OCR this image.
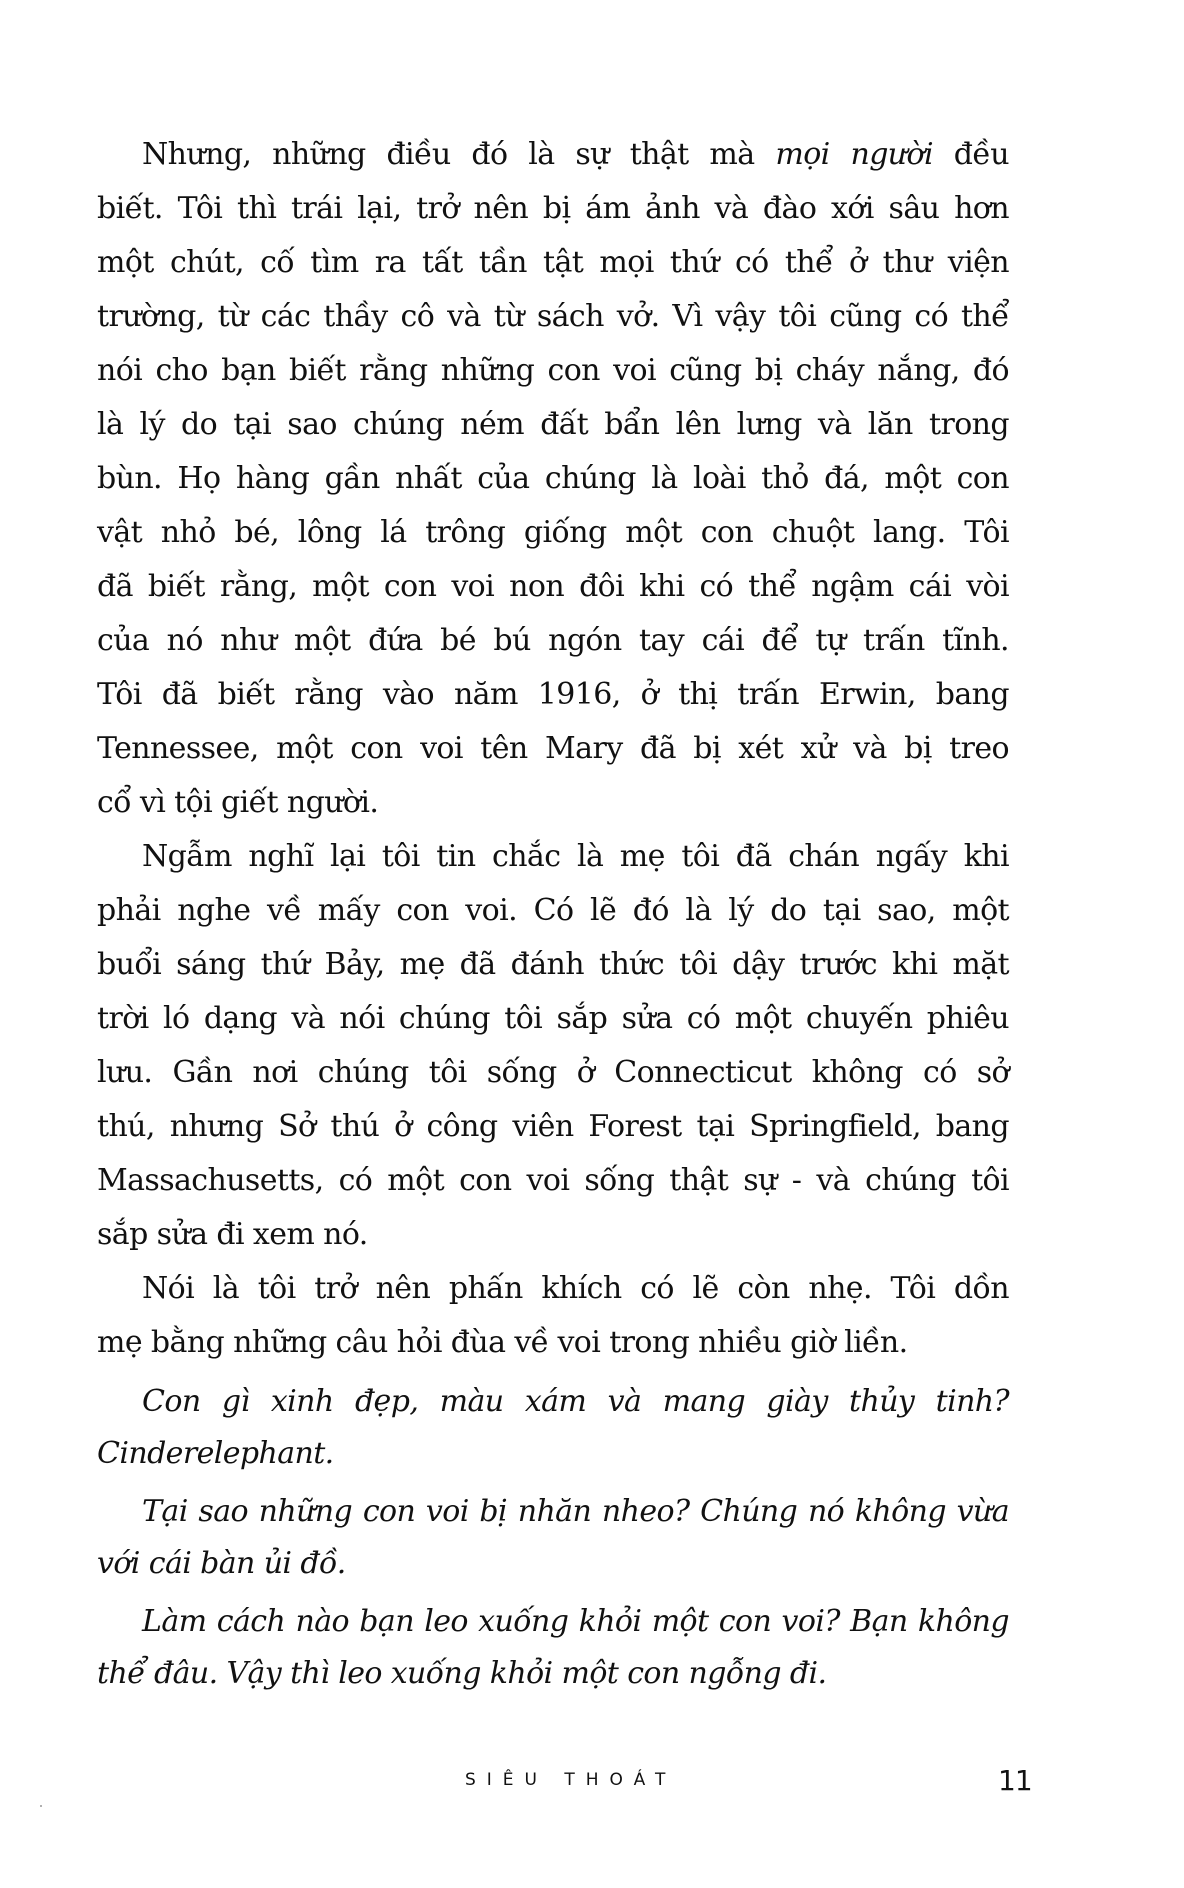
Nhưng, những điều đó là sự thật mà mọi người đều
biết. Tôi thì trái lại, trở nên bị ám ảnh và đào xới sâu hơn
một chút, cố tìm ra tất tần tật mọi thứ có thể ở thư viện
trường, từ các thầy cô và từ sách vở. Vì vậy tôi cũng có thể
nói cho bạn biết rằng những con voi cũng bị cháy nắng, đó
là lý do tại sao chúng ném đất bẩn lên lưng và lăn trong
bùn. Họ hàng gần nhất của chúng là loài thỏ đá, một con
vật nhỏ bé, lông lá trông giống một con chuột lang. Tôi
đã biết rằng, một con voi non đôi khi có thể ngậm cái vòi
của nó như một đứa bé bú ngón tay cái để tự trấn tĩnh.
Tôi đã biết rằng vào năm 1916, ở thị trấn Erwin, bang
Tennessee, một con voi tên Mary đã bị xét xử và bị treo
cổ vì tội giết người.
Ngẫm nghĩ lại tôi tin chắc là mẹ tôi đã chán ngấy khi
phải nghe về mấy con voi. Có lẽ đó là lý do tại sao, một
buổi sáng thứ Bảy, mẹ đã đánh thức tôi dậy trước khi mặt
trời ló dạng và nói chúng tôi sắp sửa có một chuyến phiêu
lưu. Gần nơi chúng tôi sống ở Connecticut không có sở
thú, nhưng Sở thú ở công viên Forest tại Springfield, bang
Massachusetts, có một con voi sống thật sự - và chúng tôi
sắp sửa đi xem nó.
Nói là tôi trở nên phấn khích có lẽ còn nhẹ. Tôi dồn
mẹ bằng những câu hỏi đùa về voi trong nhiều giờ liền.
Con gì xinh đẹp, màu xám và mang giày thủy tinh?
Cinderelephant.
Tại sao những con voi bị nhăn nheo? Chúng nó không vừa
với cái bàn ủi đồ.
Làm cách nào bạn leo xuống khỏi một con voi? Bạn không
thể đâu. Vậy thì leo xuống khỏi một con ngỗng đi.
SIÊU THOÁT	11
